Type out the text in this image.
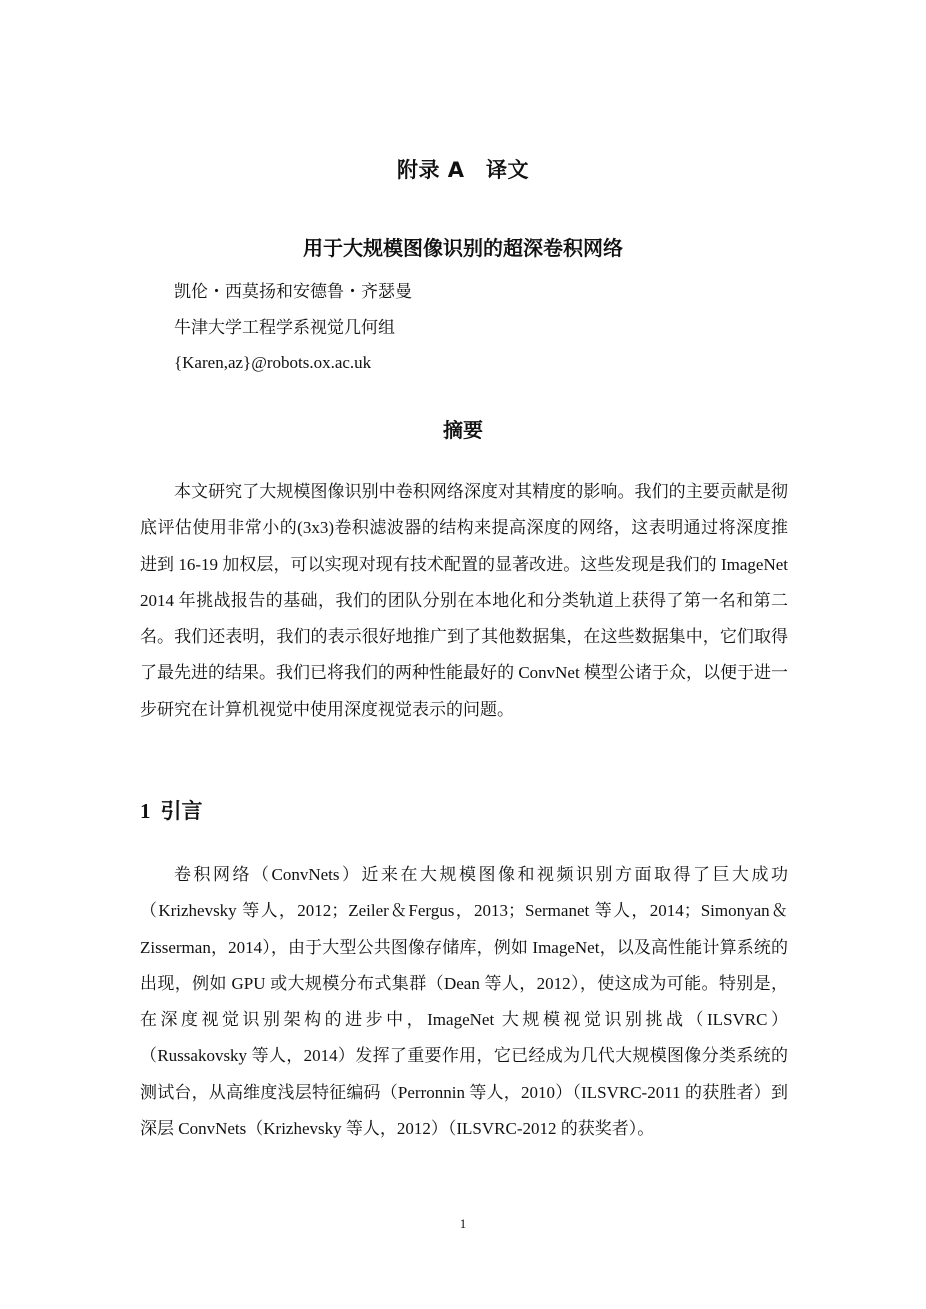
附录 A　译文
用于大规模图像识别的超深卷积网络
凯伦・西莫扬和安德鲁・齐瑟曼
牛津大学工程学系视觉几何组
{Karen,az}@robots.ox.ac.uk
摘要

本文研究了大规模图像识别中卷积网络深度对其精度的影响。我们的主要贡献是彻底评估使用非常小的(3x3)卷积滤波器的结构来提高深度的网络，这表明通过将深度推进到 16-19 加权层，可以实现对现有技术配置的显著改进。这些发现是我们的 ImageNet 2014 年挑战报告的基础，我们的团队分别在本地化和分类轨道上获得了第一名和第二名。我们还表明，我们的表示很好地推广到了其他数据集，在这些数据集中，它们取得了最先进的结果。我们已将我们的两种性能最好的 ConvNet 模型公诸于众，以便于进一步研究在计算机视觉中使用深度视觉表示的问题。

1 引言

卷积网络（ConvNets）近来在大规模图像和视频识别方面取得了巨大成功（Krizhevsky 等人，2012；Zeiler＆Fergus，2013；Sermanet 等人，2014；Simonyan＆Zisserman，2014），由于大型公共图像存储库，例如 ImageNet，以及高性能计算系统的出现，例如 GPU 或大规模分布式集群（Dean 等人，2012），使这成为可能。特别是，在深度视觉识别架构的进步中，ImageNet 大规模视觉识别挑战（ILSVRC）（Russakovsky 等人，2014）发挥了重要作用，它已经成为几代大规模图像分类系统的测试台，从高维度浅层特征编码（Perronnin 等人，2010）（ILSVRC-2011 的获胜者）到深层 ConvNets（Krizhevsky 等人，2012）（ILSVRC-2012 的获奖者）。

1
